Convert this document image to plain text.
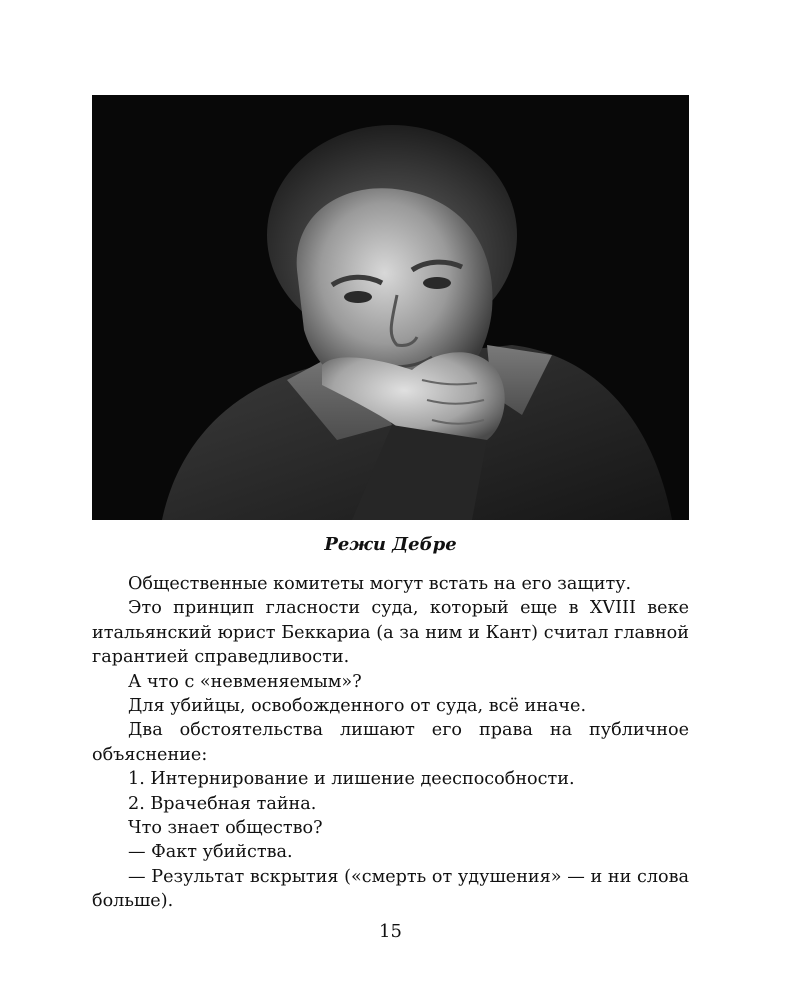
Режи Дебре

Общественные комитеты могут встать на его защиту.

Это принцип гласности суда, который еще в XVIII веке итальянский юрист Беккариа (а за ним и Кант) считал главной гарантией справедливости.

А что с «невменяемым»?

Для убийцы, освобожденного от суда, всё иначе.

Два обстоятельства лишают его права на публичное объяснение:

1. Интернирование и лишение дееспособности.

2. Врачебная тайна.

Что знает общество?

— Факт убийства.

— Результат вскрытия («смерть от удушения» — и ни слова больше).

15
